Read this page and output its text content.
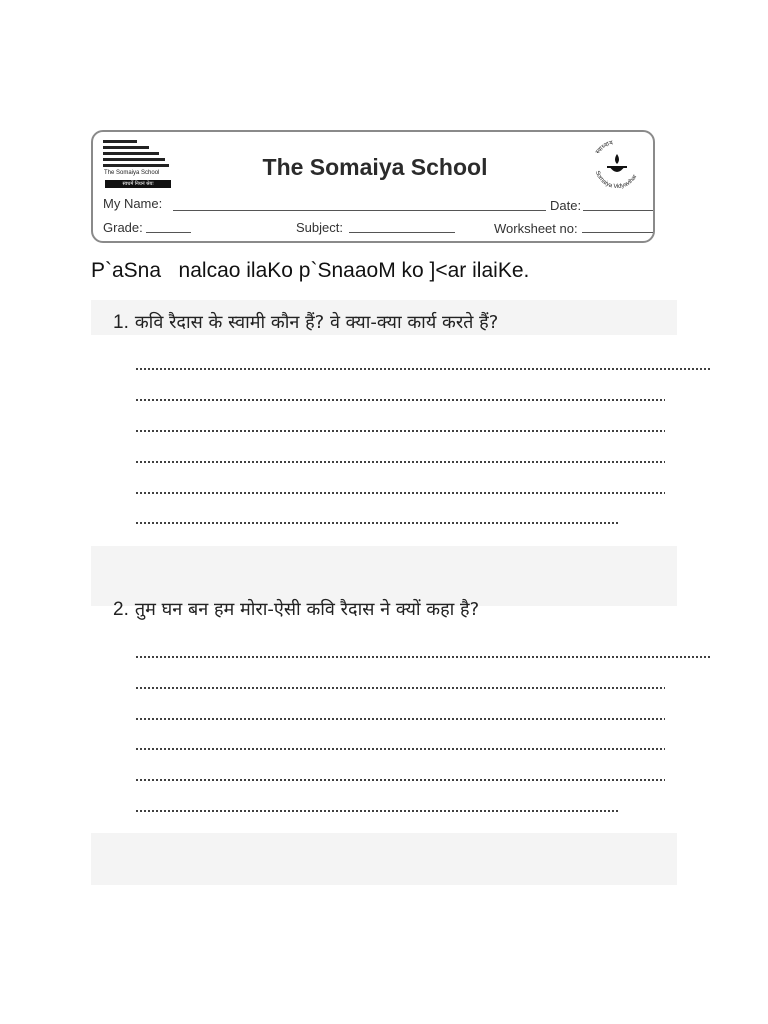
The Somaiya School
स्वधर्मे निधनं श्रेयः
The Somaiya School
स्वाध्याय
Somaiya Vidyavihar
My Name:	Date:
Grade:	Subject:	Worksheet no:
P`aSna   nalcao ilaKo p`SnaaoM ko ]<ar ilaiKe.
1. कवि रैदास के स्वामी कौन हैं? वे क्या-क्या कार्य करते हैं?
2. तुम घन बन हम मोरा-ऐसी कवि रैदास ने क्यों कहा है?
